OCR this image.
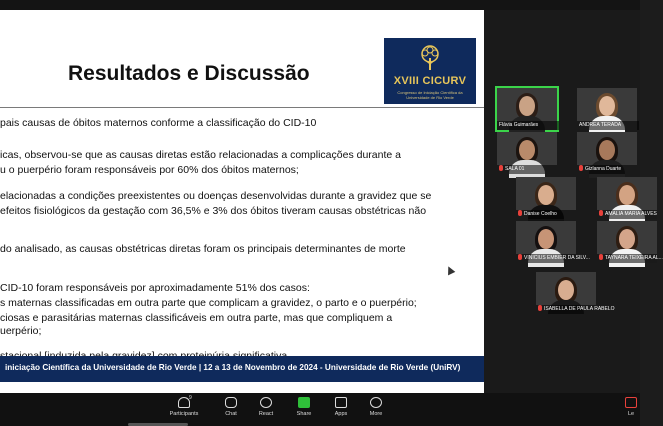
Resultados e Discussão	XVIII CICURV
Congresso de Iniciação Científica da Universidade de Rio Verde
pais causas de óbitos maternos conforme a classificação do CID-10
icas, observou-se que as causas diretas estão relacionadas a complicações durante a
u o puerpério foram responsáveis por 60% dos óbitos maternos;
elacionadas a condições preexistentes ou doenças desenvolvidas durante a gravidez que se
efeitos fisiológicos da gestação com 36,5% e 3% dos óbitos tiveram causas obstétricas não
do analisado, as causas obstétricas diretas foram os principais determinantes de morte
CID-10 foram responsáveis por aproximadamente 51% dos casos:
s maternas classificadas em outra parte que complicam a gravidez, o parto e o puerpério;
ciosas e parasitárias maternas classificáveis em outra parte, mas que compliquem a
uerpério;
iniciação Científica da Universidade de Rio Verde | 12 a 13 de Novembro de 2024 - Universidade de Rio Verde (UniRV)
Participants	Chat	React	Share	Apps	More	Le
9
Flávia Guimarães	ANDREA TERADA
SALA 01	Gizlanna Duarte
Danise Coelho	AMALIA MARIA ALVES
VINICIUS EMBIER DA SILV...	TAYNARA TEIXEIRA AL...
ISABELLA DE PAULA RABELO
